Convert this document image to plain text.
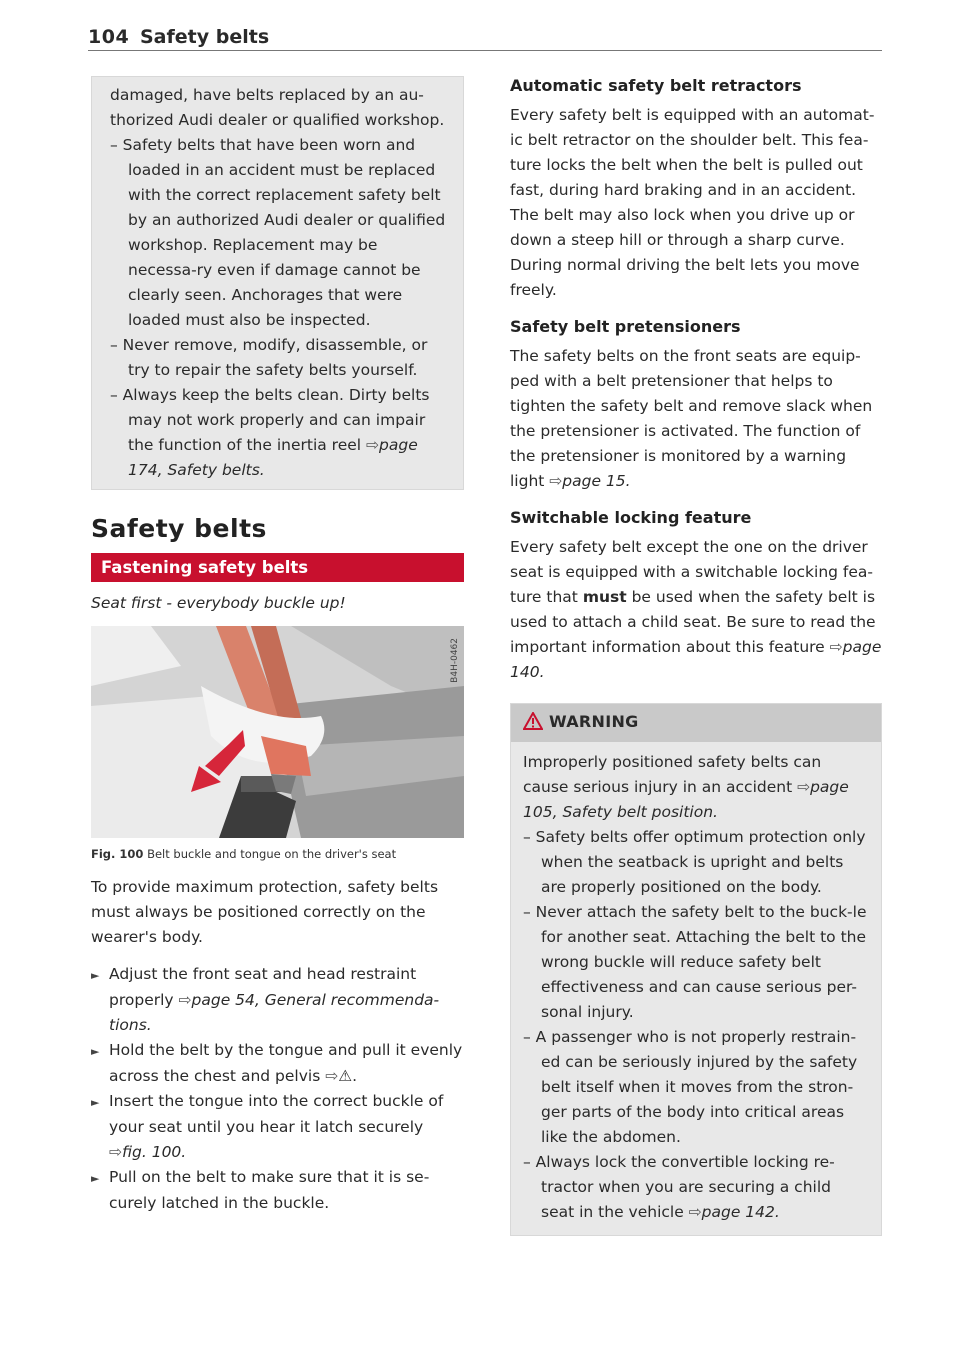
104 Safety belts

damaged, have belts replaced by an au-thorized Audi dealer or qualified workshop.

– Safety belts that have been worn and loaded in an accident must be replaced with the correct replacement safety belt by an authorized Audi dealer or qualified workshop. Replacement may be necessa-ry even if damage cannot be clearly seen. Anchorages that were loaded must also be inspected.

– Never remove, modify, disassemble, or try to repair the safety belts yourself.

– Always keep the belts clean. Dirty belts may not work properly and can impair the function of the inertia reel ⇨page 174, Safety belts.

Safety belts
Fastening safety belts
Seat first - everybody buckle up!
B4H-0462
Fig. 100 Belt buckle and tongue on the driver's seat

To provide maximum protection, safety belts must always be positioned correctly on the wearer's body.

► Adjust the front seat and head restraint properly ⇨page 54, General recommenda-tions.

► Hold the belt by the tongue and pull it evenly across the chest and pelvis ⇨⚠.

► Insert the tongue into the correct buckle of your seat until you hear it latch securely ⇨fig. 100.

► Pull on the belt to make sure that it is se-curely latched in the buckle.

Automatic safety belt retractors

Every safety belt is equipped with an automat-ic belt retractor on the shoulder belt. This fea-ture locks the belt when the belt is pulled out fast, during hard braking and in an accident. The belt may also lock when you drive up or down a steep hill or through a sharp curve. During normal driving the belt lets you move freely.

Safety belt pretensioners

The safety belts on the front seats are equip-ped with a belt pretensioner that helps to tighten the safety belt and remove slack when the pretensioner is activated. The function of the pretensioner is monitored by a warning light ⇨page 15.

Switchable locking feature

Every safety belt except the one on the driver seat is equipped with a switchable locking fea-ture that must be used when the safety belt is used to attach a child seat. Be sure to read the important information about this feature ⇨page 140.

WARNING

Improperly positioned safety belts can cause serious injury in an accident ⇨page 105, Safety belt position.

– Safety belts offer optimum protection only when the seatback is upright and belts are properly positioned on the body.

– Never attach the safety belt to the buck-le for another seat. Attaching the belt to the wrong buckle will reduce safety belt effectiveness and can cause serious per-sonal injury.

– A passenger who is not properly restrain-ed can be seriously injured by the safety belt itself when it moves from the stron-ger parts of the body into critical areas like the abdomen.

– Always lock the convertible locking re-tractor when you are securing a child seat in the vehicle ⇨page 142.
